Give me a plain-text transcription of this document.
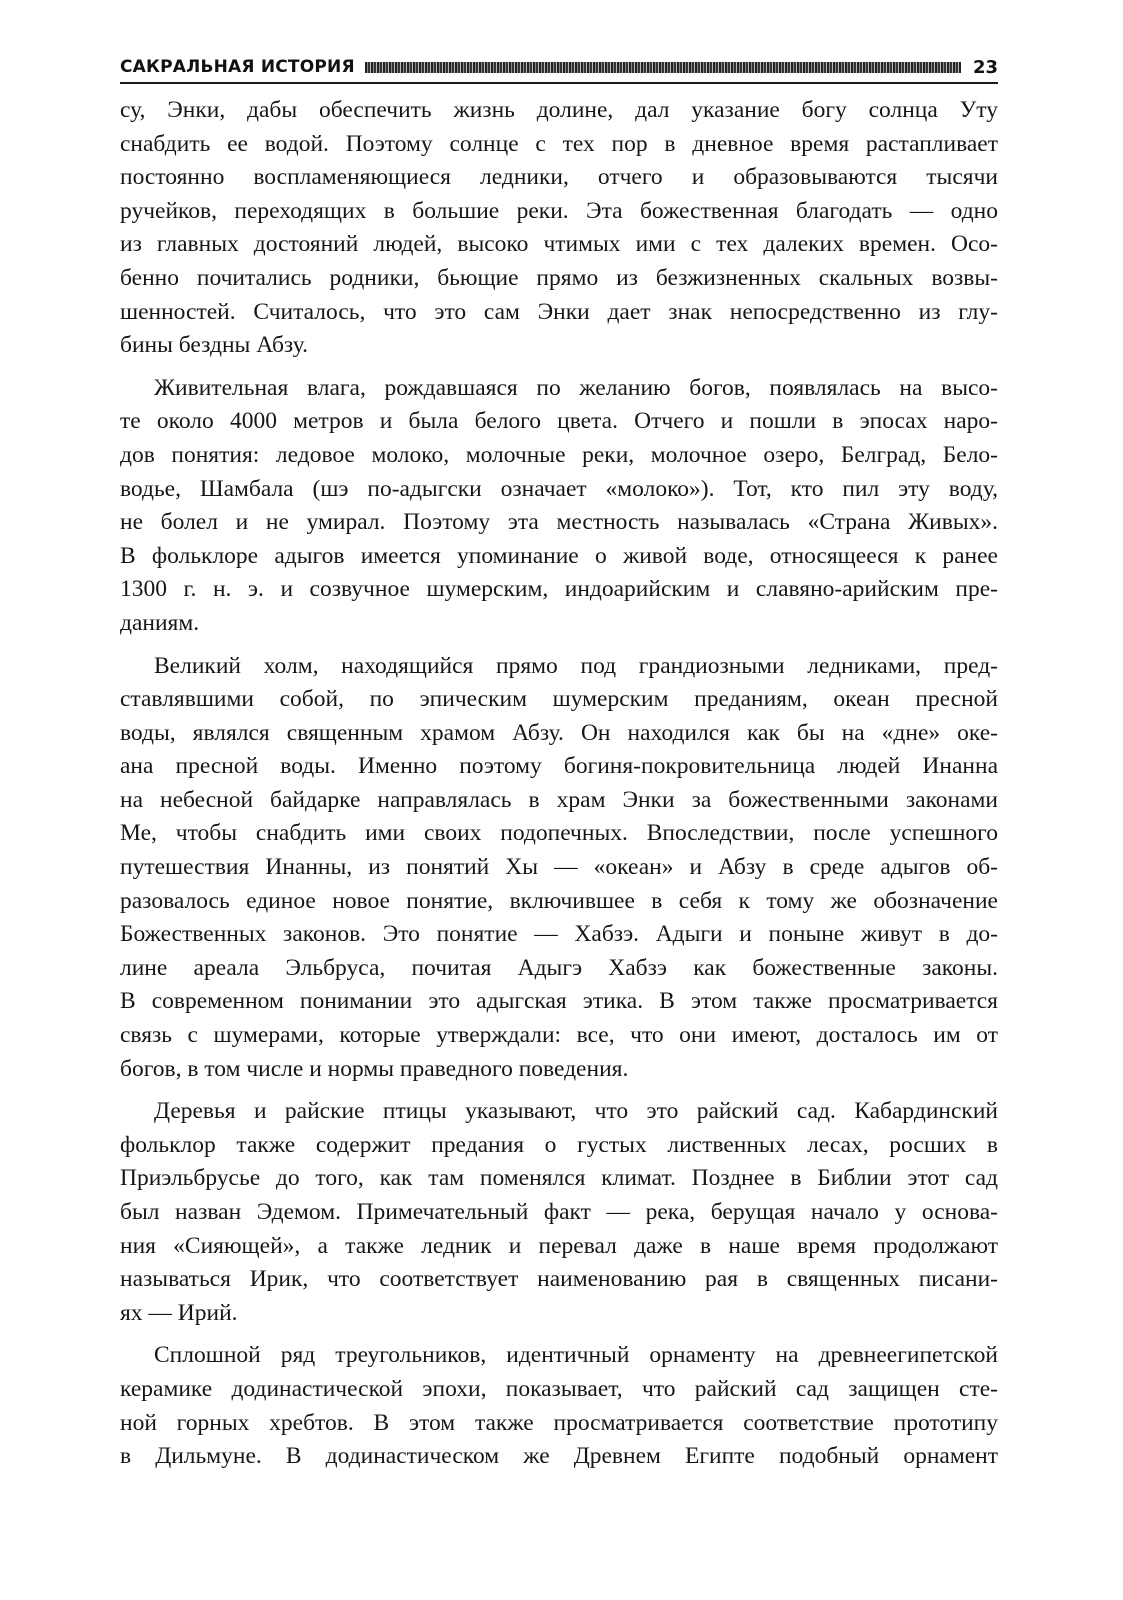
САКРАЛЬНАЯ ИСТОРИЯ	23
су, Энки, дабы обеспечить жизнь долине, дал указание богу солнца Уту
снабдить ее водой. Поэтому солнце с тех пор в дневное время растапливает
постоянно воспламеняющиеся ледники, отчего и образовываются тысячи
ручейков, переходящих в большие реки. Эта божественная благодать — одно
из главных достояний людей, высоко чтимых ими с тех далеких времен. Осо-
бенно почитались родники, бьющие прямо из безжизненных скальных возвы-
шенностей. Считалось, что это сам Энки дает знак непосредственно из глу-
бины бездны Абзу.
Живительная влага, рождавшаяся по желанию богов, появлялась на высо-
те около 4000 метров и была белого цвета. Отчего и пошли в эпосах наро-
дов понятия: ледовое молоко, молочные реки, молочное озеро, Белград, Бело-
водье, Шамбала (шэ по-адыгски означает «молоко»). Тот, кто пил эту воду,
не болел и не умирал. Поэтому эта местность называлась «Страна Живых».
В фольклоре адыгов имеется упоминание о живой воде, относящееся к ранее
1300 г. н. э. и созвучное шумерским, индоарийским и славяно-арийским пре-
даниям.
Великий холм, находящийся прямо под грандиозными ледниками, пред-
ставлявшими собой, по эпическим шумерским преданиям, океан пресной
воды, являлся священным храмом Абзу. Он находился как бы на «дне» оке-
ана пресной воды. Именно поэтому богиня-покровительница людей Инанна
на небесной байдарке направлялась в храм Энки за божественными законами
Ме, чтобы снабдить ими своих подопечных. Впоследствии, после успешного
путешествия Инанны, из понятий Хы — «океан» и Абзу в среде адыгов об-
разовалось единое новое понятие, включившее в себя к тому же обозначение
Божественных законов. Это понятие — Хабзэ. Адыги и поныне живут в до-
лине ареала Эльбруса, почитая Адыгэ Хабзэ как божественные законы.
В современном понимании это адыгская этика. В этом также просматривается
связь с шумерами, которые утверждали: все, что они имеют, досталось им от
богов, в том числе и нормы праведного поведения.
Деревья и райские птицы указывают, что это райский сад. Кабардинский
фольклор также содержит предания о густых лиственных лесах, росших в
Приэльбрусье до того, как там поменялся климат. Позднее в Библии этот сад
был назван Эдемом. Примечательный факт — река, берущая начало у основа-
ния «Сияющей», а также ледник и перевал даже в наше время продолжают
называться Ирик, что соответствует наименованию рая в священных писани-
ях — Ирий.
Сплошной ряд треугольников, идентичный орнаменту на древнеегипетской
керамике додинастической эпохи, показывает, что райский сад защищен сте-
ной горных хребтов. В этом также просматривается соответствие прототипу
в Дильмуне. В додинастическом же Древнем Египте подобный орнамент
